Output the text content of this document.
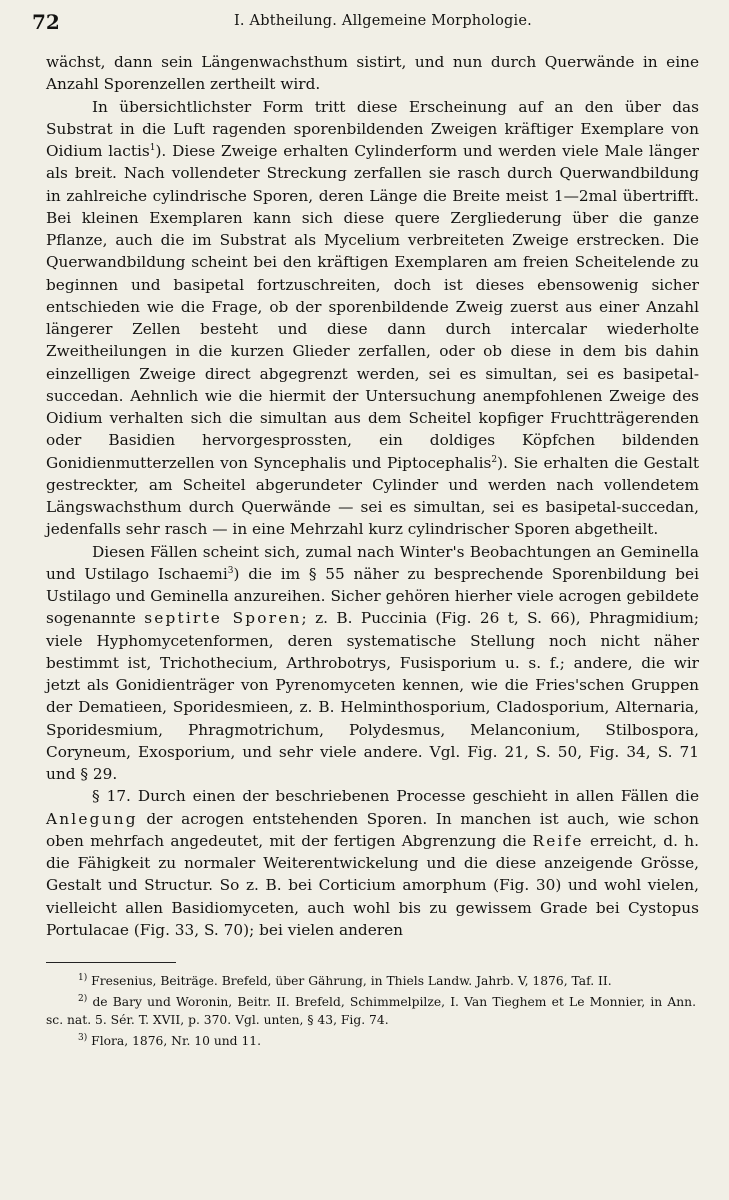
72	I. Abtheilung. Allgemeine Morphologie.

wächst, dann sein Längenwachsthum sistirt, und nun durch Querwände in eine Anzahl Sporenzellen zertheilt wird.

In übersichtlichster Form tritt diese Erscheinung auf an den über das Substrat in die Luft ragenden sporenbildenden Zweigen kräftiger Exemplare von Oidium lactis$^1$). Diese Zweige erhalten Cylinderform und werden viele Male länger als breit. Nach vollendeter Streckung zerfallen sie rasch durch Querwandbildung in zahlreiche cylindrische Sporen, deren Länge die Breite meist 1—2mal übertrifft. Bei kleinen Exemplaren kann sich diese quere Zergliederung über die ganze Pflanze, auch die im Substrat als Mycelium verbreiteten Zweige erstrecken. Die Querwandbildung scheint bei den kräftigen Exemplaren am freien Scheitelende zu beginnen und basipetal fortzuschreiten, doch ist dieses ebensowenig sicher entschieden wie die Frage, ob der sporenbildende Zweig zuerst aus einer Anzahl längerer Zellen besteht und diese dann durch intercalar wiederholte Zweitheilungen in die kurzen Glieder zerfallen, oder ob diese in dem bis dahin einzelligen Zweige direct abgegrenzt werden, sei es simultan, sei es basipetal-succedan. Aehnlich wie die hiermit der Untersuchung anempfohlenen Zweige des Oidium verhalten sich die simultan aus dem Scheitel kopfiger Fruchtträgerenden oder Basidien hervorgesprossten, ein doldiges Köpfchen bildenden Gonidienmutterzellen von Syncephalis und Piptocephalis$^2$). Sie erhalten die Gestalt gestreckter, am Scheitel abgerundeter Cylinder und werden nach vollendetem Längswachsthum durch Querwände — sei es simultan, sei es basipetal-succedan, jedenfalls sehr rasch — in eine Mehrzahl kurz cylindrischer Sporen abgetheilt.

Diesen Fällen scheint sich, zumal nach Winter's Beobachtungen an Geminella und Ustilago Ischaemi$^3$) die im § 55 näher zu besprechende Sporenbildung bei Ustilago und Geminella anzureihen. Sicher gehören hierher viele acrogen gebildete sogenannte septirte Sporen; z. B. Puccinia (Fig. 26 t, S. 66), Phragmidium; viele Hyphomycetenformen, deren systematische Stellung noch nicht näher bestimmt ist, Trichothecium, Arthrobotrys, Fusisporium u. s. f.; andere, die wir jetzt als Gonidienträger von Pyrenomyceten kennen, wie die Fries'schen Gruppen der Dematieen, Sporidesmieen, z. B. Helminthosporium, Cladosporium, Alternaria, Sporidesmium, Phragmotrichum, Polydesmus, Melanconium, Stilbospora, Coryneum, Exosporium, und sehr viele andere. Vgl. Fig. 21, S. 50, Fig. 34, S. 71 und § 29.

§ 17. Durch einen der beschriebenen Processe geschieht in allen Fällen die Anlegung der acrogen entstehenden Sporen. In manchen ist auch, wie schon oben mehrfach angedeutet, mit der fertigen Abgrenzung die Reife erreicht, d. h. die Fähigkeit zu normaler Weiterentwickelung und die diese anzeigende Grösse, Gestalt und Structur. So z. B. bei Corticium amorphum (Fig. 30) und wohl vielen, vielleicht allen Basidiomyceten, auch wohl bis zu gewissem Grade bei Cystopus Portulacae (Fig. 33, S. 70); bei vielen anderen

$^{1)}$ Fresenius, Beiträge. Brefeld, über Gährung, in Thiels Landw. Jahrb. V, 1876, Taf. II.

$^{2)}$ de Bary und Woronin, Beitr. II. Brefeld, Schimmelpilze, I. Van Tieghem et Le Monnier, in Ann. sc. nat. 5. Sér. T. XVII, p. 370. Vgl. unten, § 43, Fig. 74.

$^{3)}$ Flora, 1876, Nr. 10 und 11.
